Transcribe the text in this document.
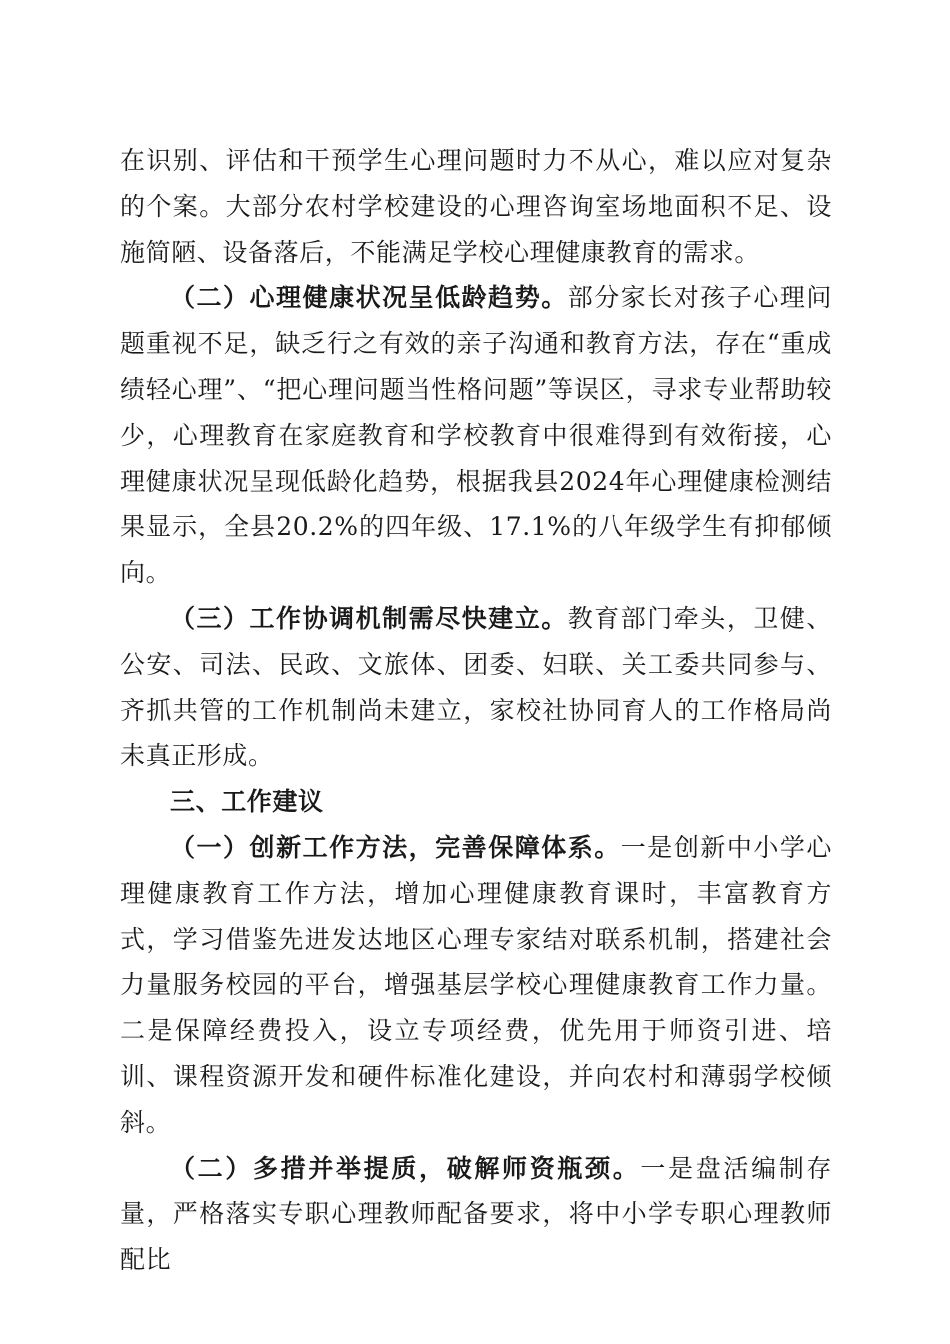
在识别、评估和干预学生心理问题时力不从心，难以应对复杂的个案。大部分农村学校建设的心理咨询室场地面积不足、设施简陋、设备落后，不能满足学校心理健康教育的需求。

（二）心理健康状况呈低龄趋势。部分家长对孩子心理问题重视不足，缺乏行之有效的亲子沟通和教育方法，存在“重成绩轻心理”、“把心理问题当性格问题”等误区，寻求专业帮助较少，心理教育在家庭教育和学校教育中很难得到有效衔接，心理健康状况呈现低龄化趋势，根据我县2024年心理健康检测结果显示，全县20.2%的四年级、17.1%的八年级学生有抑郁倾向。

（三）工作协调机制需尽快建立。教育部门牵头，卫健、公安、司法、民政、文旅体、团委、妇联、关工委共同参与、齐抓共管的工作机制尚未建立，家校社协同育人的工作格局尚未真正形成。

三、工作建议

（一）创新工作方法，完善保障体系。一是创新中小学心理健康教育工作方法，增加心理健康教育课时，丰富教育方式，学习借鉴先进发达地区心理专家结对联系机制，搭建社会力量服务校园的平台，增强基层学校心理健康教育工作力量。二是保障经费投入，设立专项经费，优先用于师资引进、培训、课程资源开发和硬件标准化建设，并向农村和薄弱学校倾斜。

（二）多措并举提质，破解师资瓶颈。一是盘活编制存量，严格落实专职心理教师配备要求，将中小学专职心理教师配比
